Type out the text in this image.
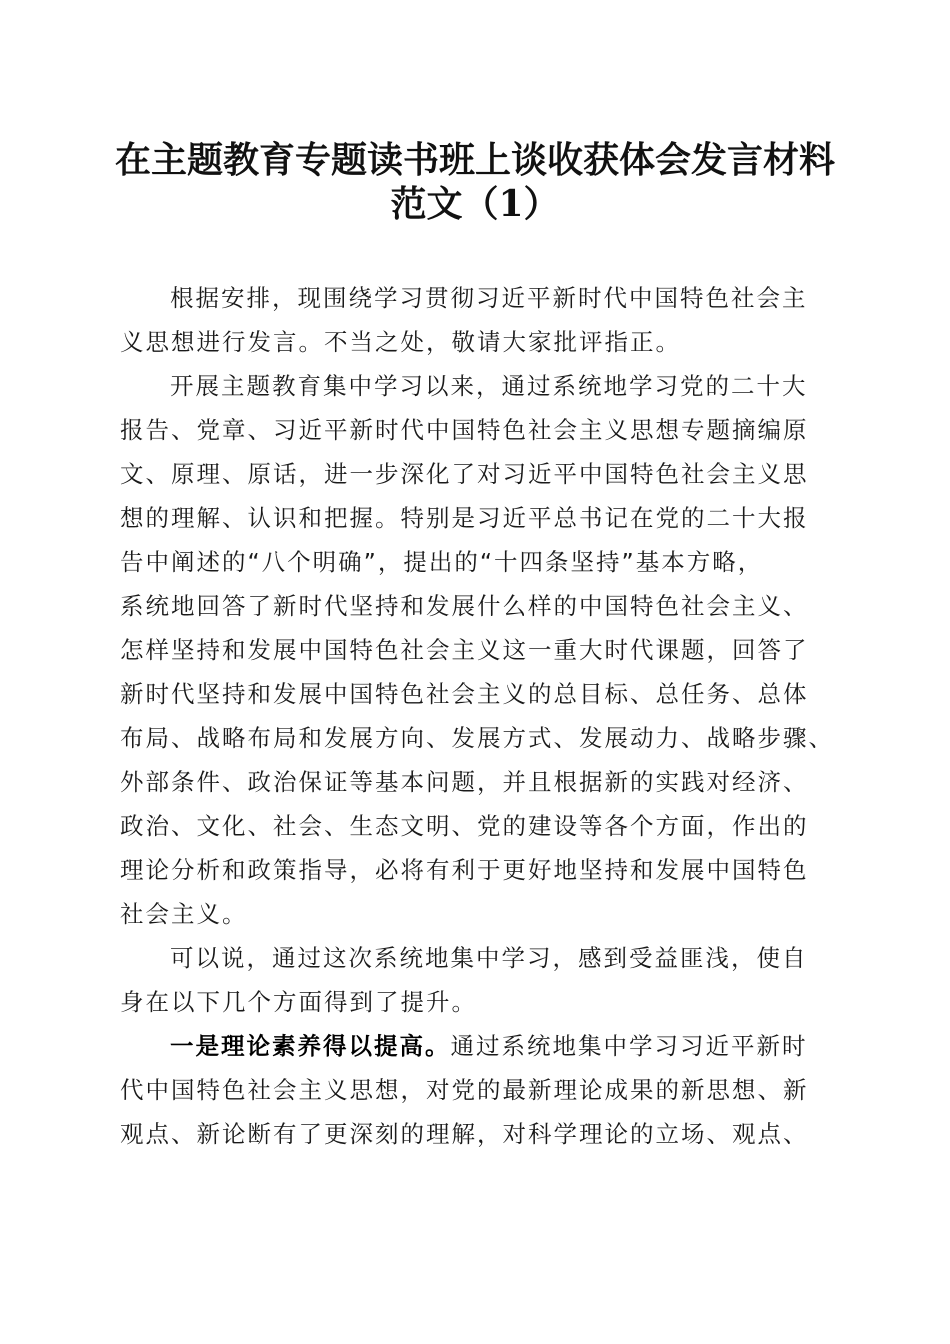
在主题教育专题读书班上谈收获体会发言材料
范文（1）
根据安排，现围绕学习贯彻习近平新时代中国特色社会主
义思想进行发言。不当之处，敬请大家批评指正。
开展主题教育集中学习以来，通过系统地学习党的二十大
报告、党章、习近平新时代中国特色社会主义思想专题摘编原
文、原理、原话，进一步深化了对习近平中国特色社会主义思
想的理解、认识和把握。特别是习近平总书记在党的二十大报
告中阐述的“八个明确”，提出的“十四条坚持”基本方略，
系统地回答了新时代坚持和发展什么样的中国特色社会主义、
怎样坚持和发展中国特色社会主义这一重大时代课题，回答了
新时代坚持和发展中国特色社会主义的总目标、总任务、总体
布局、战略布局和发展方向、发展方式、发展动力、战略步骤、
外部条件、政治保证等基本问题，并且根据新的实践对经济、
政治、文化、社会、生态文明、党的建设等各个方面，作出的
理论分析和政策指导，必将有利于更好地坚持和发展中国特色
社会主义。
可以说，通过这次系统地集中学习，感到受益匪浅，使自
身在以下几个方面得到了提升。
一是理论素养得以提高。通过系统地集中学习习近平新时
代中国特色社会主义思想，对党的最新理论成果的新思想、新
观点、新论断有了更深刻的理解，对科学理论的立场、观点、
